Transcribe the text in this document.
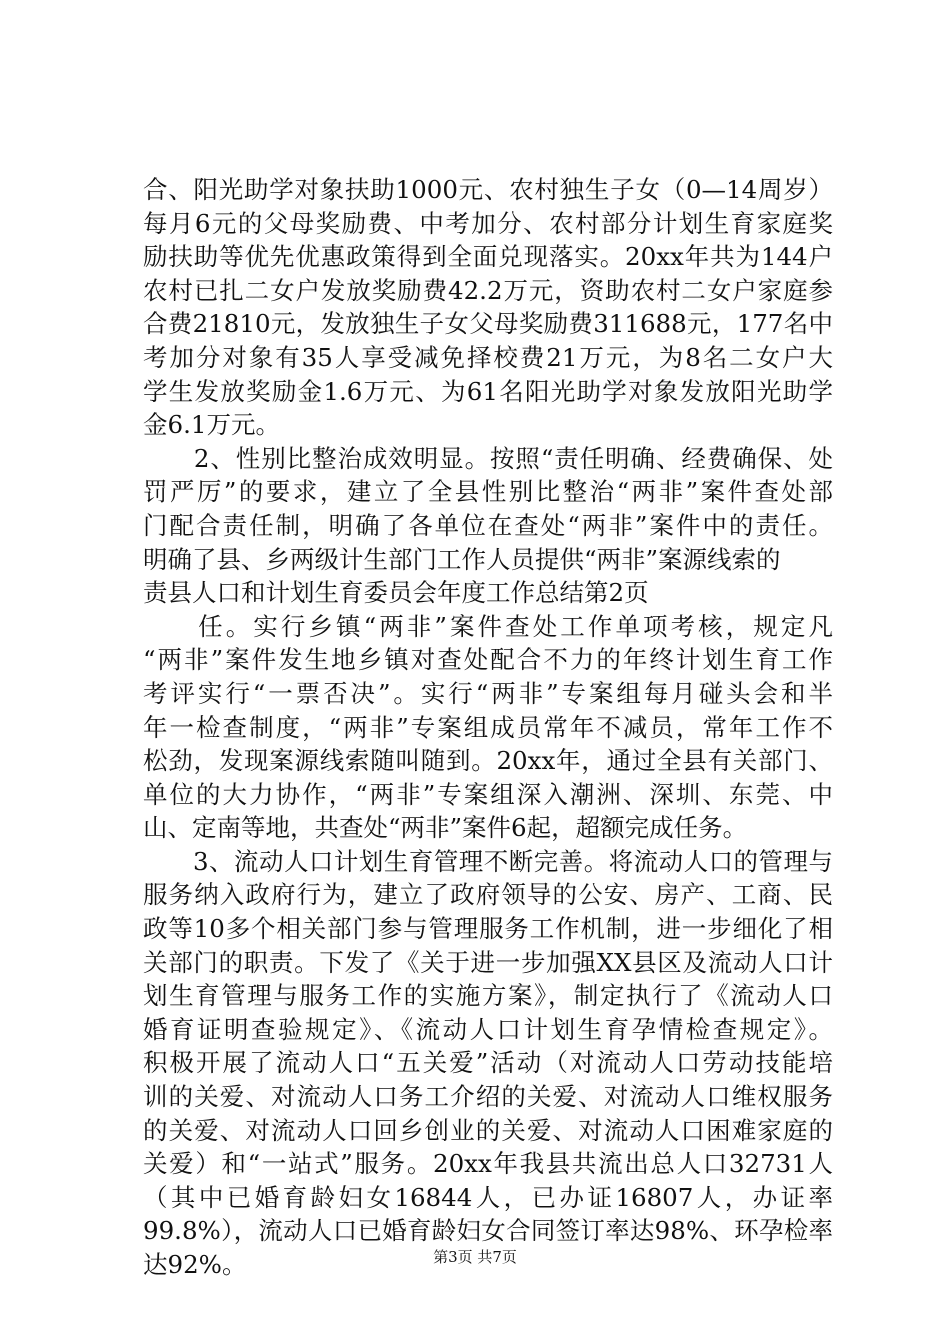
合、阳光助学对象扶助1000元、农村独生子女（0—14周岁）
每月6元的父母奖励费、中考加分、农村部分计划生育家庭奖
励扶助等优先优惠政策得到全面兑现落实。20xx年共为144户
农村已扎二女户发放奖励费42.2万元，资助农村二女户家庭参
合费21810元，发放独生子女父母奖励费311688元，177名中
考加分对象有35人享受减免择校费21万元，为8名二女户大
学生发放奖励金1.6万元、为61名阳光助学对象发放阳光助学
金6.1万元。
　　2、性别比整治成效明显。按照“责任明确、经费确保、处
罚严厉”的要求，建立了全县性别比整治“两非”案件查处部
门配合责任制，明确了各单位在查处“两非”案件中的责任。
明确了县、乡两级计生部门工作人员提供“两非”案源线索的
责县人口和计划生育委员会年度工作总结第2页
　　任。实行乡镇“两非”案件查处工作单项考核，规定凡
“两非”案件发生地乡镇对查处配合不力的年终计划生育工作
考评实行“一票否决”。实行“两非”专案组每月碰头会和半
年一检查制度，“两非”专案组成员常年不减员，常年工作不
松劲，发现案源线索随叫随到。20xx年，通过全县有关部门、
单位的大力协作，“两非”专案组深入潮洲、深圳、东莞、中
山、定南等地，共查处“两非”案件6起，超额完成任务。
　　3、流动人口计划生育管理不断完善。将流动人口的管理与
服务纳入政府行为，建立了政府领导的公安、房产、工商、民
政等10多个相关部门参与管理服务工作机制，进一步细化了相
关部门的职责。下发了《关于进一步加强XX县区及流动人口计
划生育管理与服务工作的实施方案》，制定执行了《流动人口
婚育证明查验规定》、《流动人口计划生育孕情检查规定》。
积极开展了流动人口“五关爱”活动（对流动人口劳动技能培
训的关爱、对流动人口务工介绍的关爱、对流动人口维权服务
的关爱、对流动人口回乡创业的关爱、对流动人口困难家庭的
关爱）和“一站式”服务。20xx年我县共流出总人口32731人
（其中已婚育龄妇女16844人，已办证16807人，办证率
99.8%），流动人口已婚育龄妇女合同签订率达98%、环孕检率
达92%。	第3页 共7页
